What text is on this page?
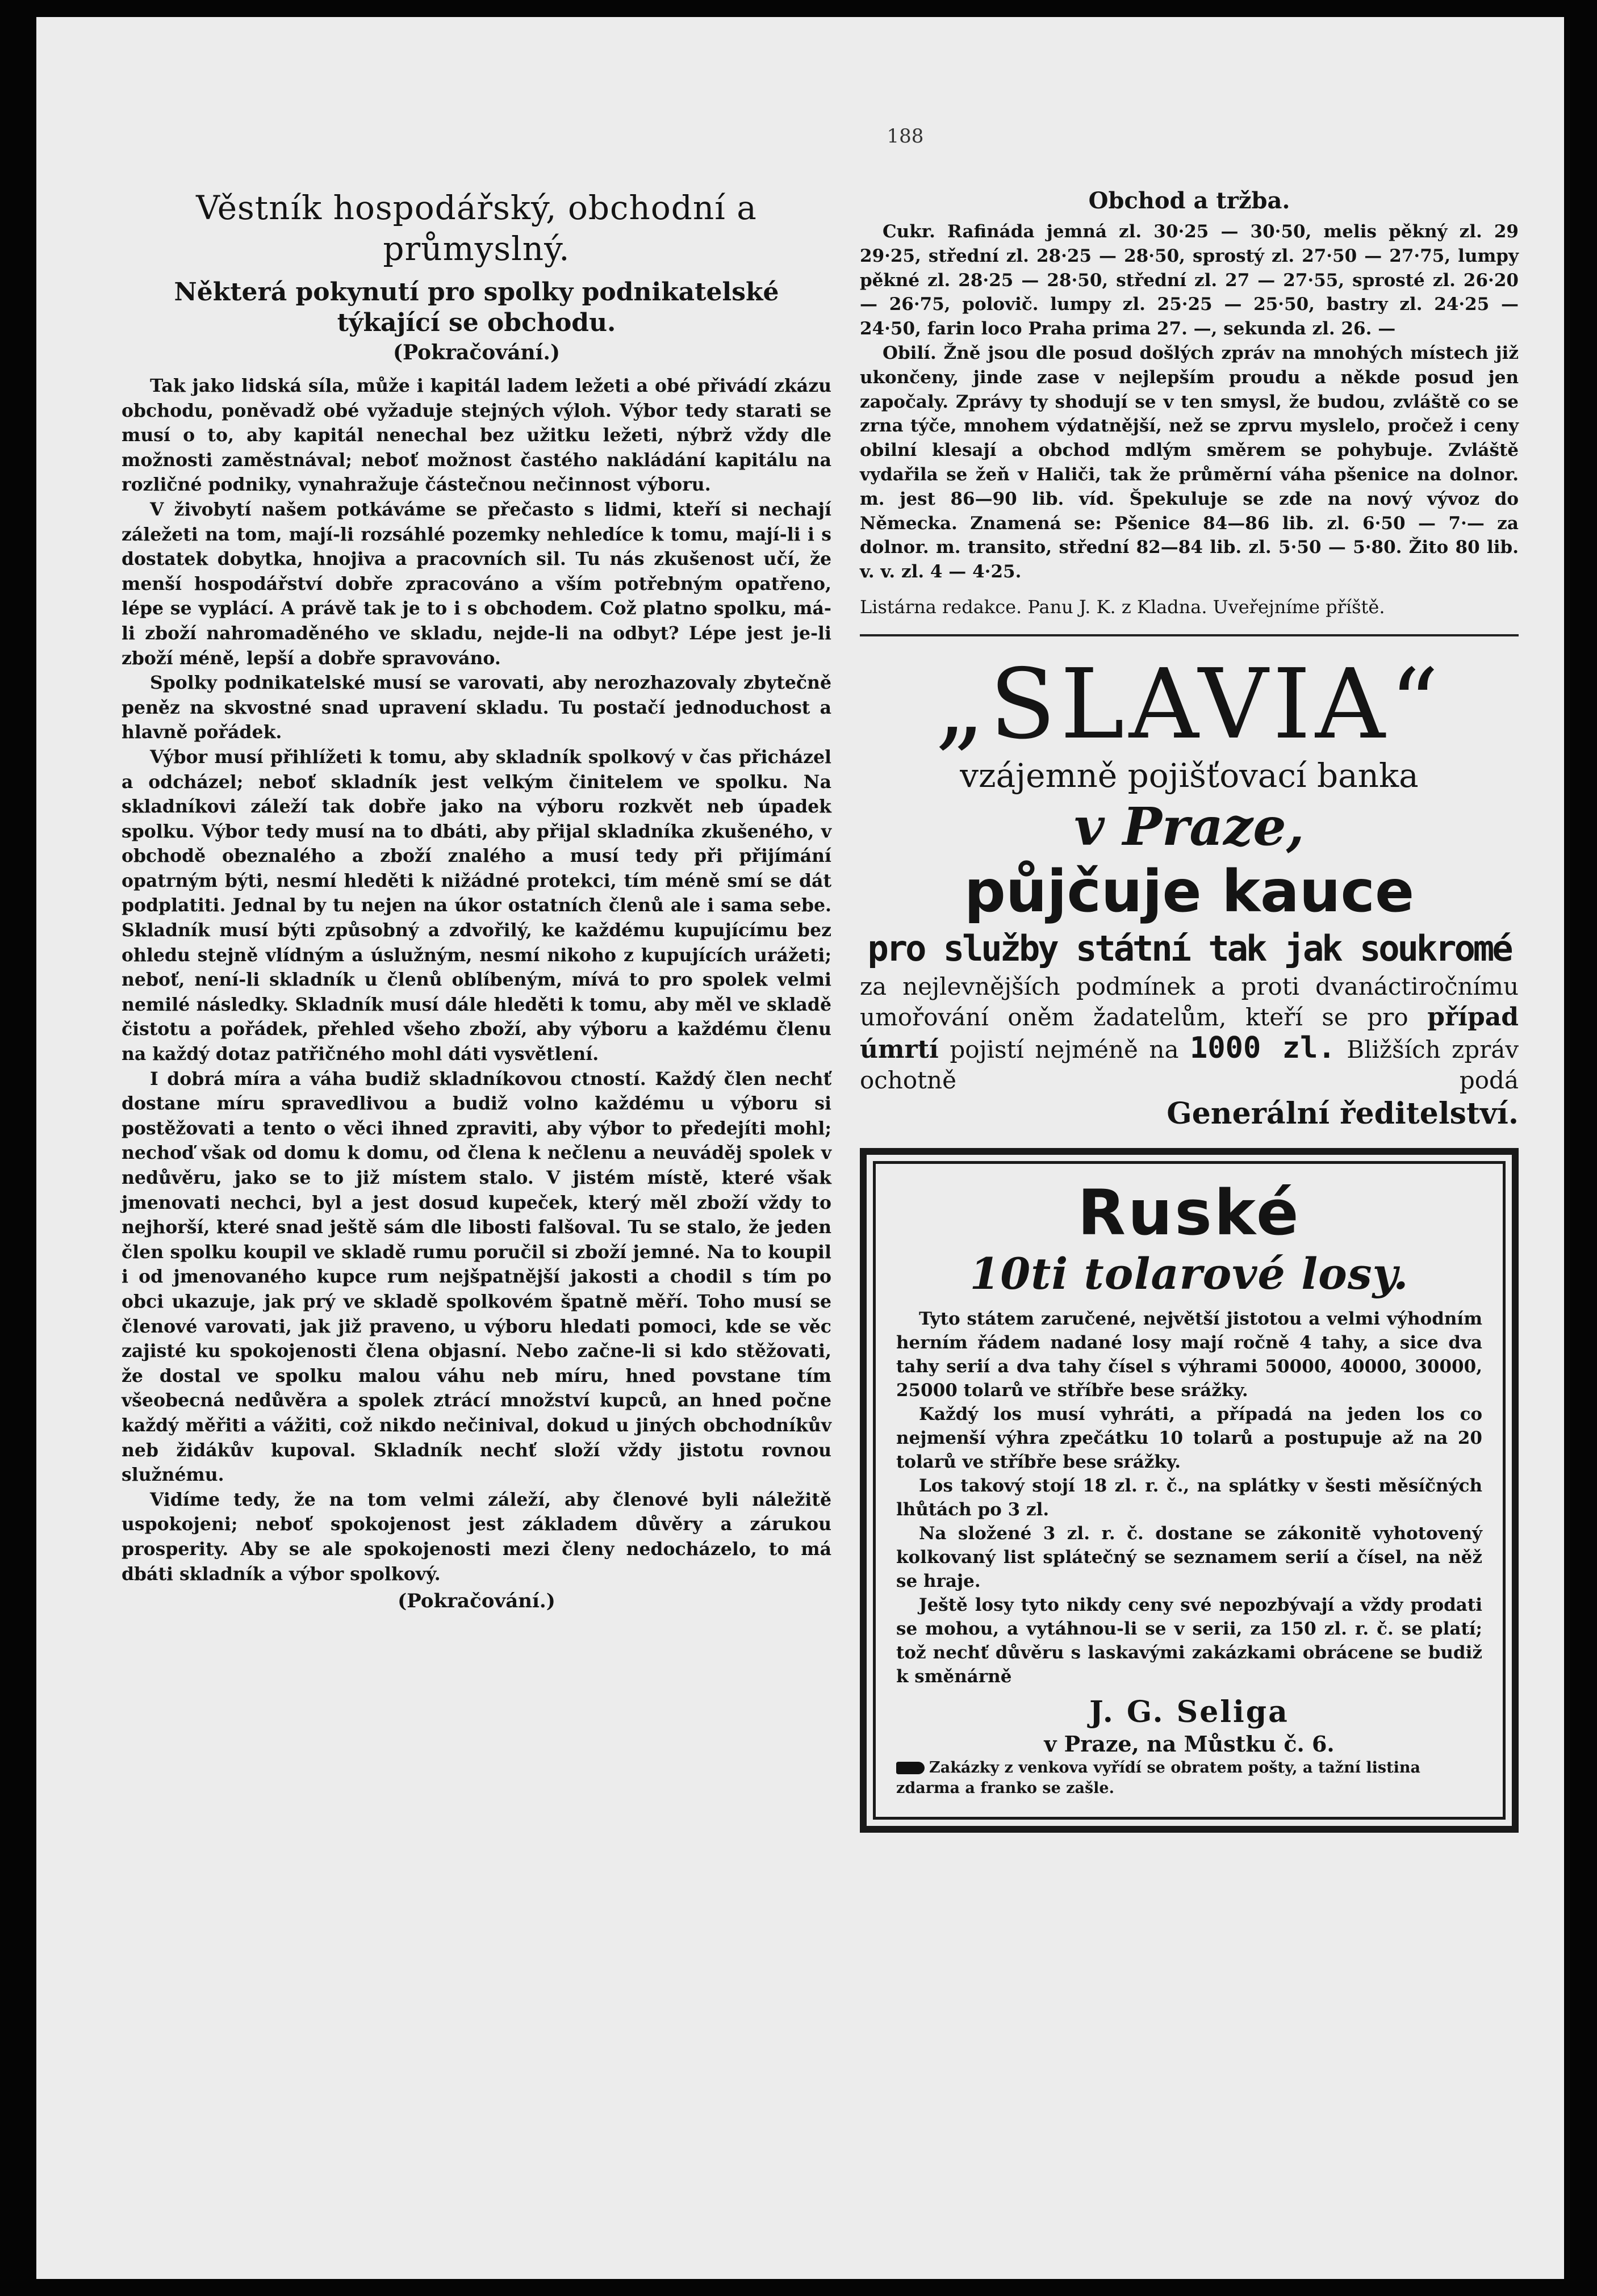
188
Věstník hospodářský, obchodní a průmyslný.
Některá pokynutí pro spolky podnikatelské týkající se obchodu.
(Pokračování.)

Tak jako lidská síla, může i kapitál ladem ležeti a obé přivádí zkázu obchodu, poněvadž obé vyžaduje stejných výloh. Výbor tedy starati se musí o to, aby kapitál nenechal bez užitku ležeti, nýbrž vždy dle možnosti zaměstnával; neboť možnost častého nakládání kapitálu na rozličné podniky, vynahražuje částečnou nečinnost výboru.

V živobytí našem potkáváme se přečasto s lidmi, kteří si nechají záležeti na tom, mají-li rozsáhlé pozemky nehledíce k tomu, mají-li i s dostatek dobytka, hnojiva a pracovních sil. Tu nás zkušenost učí, že menší hospodářství dobře zpracováno a vším potřebným opatřeno, lépe se vyplácí. A právě tak je to i s obchodem. Což platno spolku, má-li zboží nahromaděného ve skladu, nejde-li na odbyt? Lépe jest je-li zboží méně, lepší a dobře spravováno.

Spolky podnikatelské musí se varovati, aby nerozhazovaly zbytečně peněz na skvostné snad upravení skladu. Tu postačí jednoduchost a hlavně pořádek.

Výbor musí přihlížeti k tomu, aby skladník spolkový v čas přicházel a odcházel; neboť skladník jest velkým činitelem ve spolku. Na skladníkovi záleží tak dobře jako na výboru rozkvět neb úpadek spolku. Výbor tedy musí na to dbáti, aby přijal skladníka zkušeného, v obchodě obeznalého a zboží znalého a musí tedy při přijímání opatrným býti, nesmí hleděti k nižádné protekci, tím méně smí se dát podplatiti. Jednal by tu nejen na úkor ostatních členů ale i sama sebe. Skladník musí býti způsobný a zdvořilý, ke každému kupujícímu bez ohledu stejně vlídným a úslužným, nesmí nikoho z kupujících urážeti; neboť, není-li skladník u členů oblíbeným, mívá to pro spolek velmi nemilé následky. Skladník musí dále hleděti k tomu, aby měl ve skladě čistotu a pořádek, přehled všeho zboží, aby výboru a každému členu na každý dotaz patřičného mohl dáti vysvětlení.

I dobrá míra a váha budiž skladníkovou ctností. Každý člen nechť dostane míru spravedlivou a budiž volno každému u výboru si postěžovati a tento o věci ihned zpraviti, aby výbor to předejíti mohl; nechoď však od domu k domu, od člena k nečlenu a neuváděj spolek v nedůvěru, jako se to již místem stalo. V jistém místě, které však jmenovati nechci, byl a jest dosud kupeček, který měl zboží vždy to nejhorší, které snad ještě sám dle libosti falšoval. Tu se stalo, že jeden člen spolku koupil ve skladě rumu poručil si zboží jemné. Na to koupil i od jmenovaného kupce rum nejšpatnější jakosti a chodil s tím po obci ukazuje, jak prý ve skladě spolkovém špatně měří. Toho musí se členové varovati, jak již praveno, u výboru hledati pomoci, kde se věc zajisté ku spokojenosti člena objasní. Nebo začne-li si kdo stěžovati, že dostal ve spolku malou váhu neb míru, hned povstane tím všeobecná nedůvěra a spolek ztrácí množství kupců, an hned počne každý měřiti a vážiti, což nikdo nečinival, dokud u jiných obchodníkův neb židákův kupoval. Skladník nechť složí vždy jistotu rovnou služnému.

Vidíme tedy, že na tom velmi záleží, aby členové byli náležitě uspokojeni; neboť spokojenost jest základem důvěry a zárukou prosperity. Aby se ale spokojenosti mezi členy nedocházelo, to má dbáti skladník a výbor spolkový.

(Pokračování.)
Obchod a tržba.

Cukr. Rafináda jemná zl. 30·25 — 30·50, melis pěkný zl. 29 29·25, střední zl. 28·25 — 28·50, sprostý zl. 27·50 — 27·75, lumpy pěkné zl. 28·25 — 28·50, střední zl. 27 — 27·55, sprosté zl. 26·20 — 26·75, polovič. lumpy zl. 25·25 — 25·50, bastry zl. 24·25 — 24·50, farin loco Praha prima 27. —, sekunda zl. 26. —

Obilí. Žně jsou dle posud došlých zpráv na mnohých místech již ukončeny, jinde zase v nejlepším proudu a někde posud jen započaly. Zprávy ty shodují se v ten smysl, že budou, zvláště co se zrna týče, mnohem výdatnější, než se zprvu myslelo, pročež i ceny obilní klesají a obchod mdlým směrem se pohybuje. Zvláště vydařila se žeň v Haliči, tak že průměrní váha pšenice na dolnor. m. jest 86—90 lib. víd. Špekuluje se zde na nový vývoz do Německa. Znamená se: Pšenice 84—86 lib. zl. 6·50 — 7·— za dolnor. m. transito, střední 82—84 lib. zl. 5·50 — 5·80. Žito 80 lib. v. v. zl. 4 — 4·25.

Listárna redakce. Panu J. K. z Kladna. Uveřejníme příště.

„SLAVIA“
vzájemně pojišťovací banka
v Praze,
půjčuje kauce
pro služby státní tak jak soukromé
za nejlevnějších podmínek a proti dvanáctiročnímu umořování oněm žadatelům, kteří se pro případ úmrtí pojistí nejméně na 1000 zl. Bližších zpráv ochotně podá
Generální ředitelství.
Ruské
10ti tolarové losy.

Tyto státem zaručené, největší jistotou a velmi výhodním herním řádem nadané losy mají ročně 4 tahy, a sice dva tahy serií a dva tahy čísel s výhrami 50000, 40000, 30000, 25000 tolarů ve stříbře bese srážky.

Každý los musí vyhráti, a případá na jeden los co nejmenší výhra zpečátku 10 tolarů a postupuje až na 20 tolarů ve stříbře bese srážky.

Los takový stojí 18 zl. r. č., na splátky v šesti měsíčných lhůtách po 3 zl.

Na složené 3 zl. r. č. dostane se zákonitě vyhotovený kolkovaný list splátečný se seznamem serií a čísel, na něž se hraje.

Ještě losy tyto nikdy ceny své nepozbývají a vždy prodati se mohou, a vytáhnou-li se v serii, za 150 zl. r. č. se platí; tož nechť důvěru s laskavými zakázkami obrácene se budiž k směnárně

J. G. Seliga
v Praze, na Můstku č. 6.
Zakázky z venkova vyřídí se obratem pošty, a tažní listina zdarma a franko se zašle.
